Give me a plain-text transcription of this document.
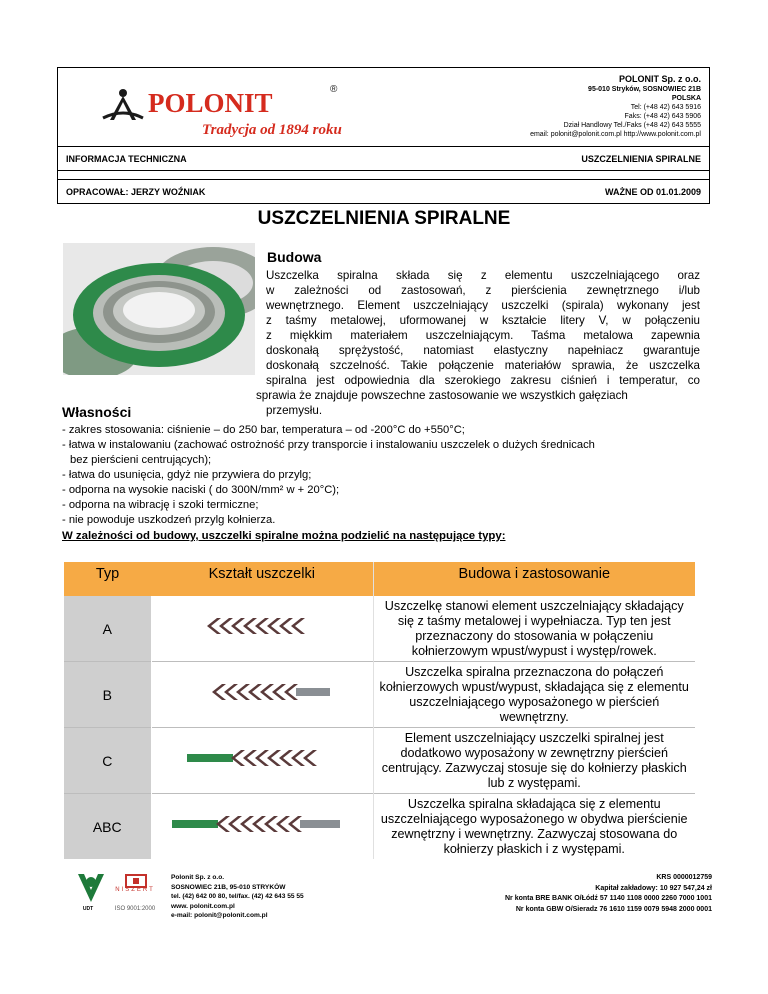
POLONIT	®
Tradycja od 1894 roku
POLONIT Sp. z o.o.
95-010 Stryków, SOSNOWIEC 21B
POLSKA
Tel: (+48 42) 643 5916
Faks: (+48 42) 643 5906
Dział Handlowy Tel./Faks (+48 42) 643 5555
email: polonit@polonit.com.pl http://www.polonit.com.pl
INFORMACJA TECHNICZNA	USZCZELNIENIA SPIRALNE
OPRACOWAŁ: JERZY WOŹNIAK	WAŻNE OD 01.01.2009
USZCZELNIENIA SPIRALNE
Budowa
Uszczelka spiralna składa się z elementu uszczelniającego oraz
w zależności od zastosowań, z pierścienia zewnętrznego i/lub
wewnętrznego. Element uszczelniający uszczelki (spirala) wykonany jest
z taśmy metalowej, uformowanej w kształcie litery V, w połączeniu
z miękkim materiałem uszczelniającym. Taśma metalowa zapewnia
doskonałą sprężystość, natomiast elastyczny napełniacz gwarantuje
doskonałą szczelność. Takie połączenie materiałów sprawia, że uszczelka
spiralna jest odpowiednia dla szerokiego zakresu ciśnień i temperatur, co
sprawia że znajduje powszechne zastosowanie we wszystkich gałęziach
przemysłu.
Własności
- zakres stosowania: ciśnienie – do 250 bar, temperatura – od -200°C do +550°C;
- łatwa w instalowaniu (zachować ostrożność przy transporcie i instalowaniu uszczelek o dużych średnicach
bez pierścieni centrujących);
- łatwa do usunięcia, gdyż nie przywiera do przylg;
- odporna na wysokie naciski ( do 300N/mm² w + 20°C);
- odporna na wibrację i szoki termiczne;
- nie powoduje uszkodzeń przylg kołnierza.
W zależności od budowy, uszczelki spiralne można podzielić na następujące typy:
Typ	Kształt uszczelki	Budowa i zastosowanie
A		Uszczelkę stanowi element uszczelniający składający się z taśmy metalowej i wypełniacza. Typ ten jest przeznaczony do stosowania w połączeniu kołnierzowym wpust/wypust i występ/rowek.
B		Uszczelka spiralna przeznaczona do połączeń kołnierzowych wpust/wypust, składająca się z elementu uszczelniającego wyposażonego w pierścień wewnętrzny.
C		Element uszczelniający uszczelki spiralnej jest dodatkowo wyposażony w zewnętrzny pierścień centrujący. Zazwyczaj stosuje się do kołnierzy płaskich lub z występami.
ABC		Uszczelka spiralna składająca się z elementu uszczelniającego wyposażonego w obydwa pierścienie zewnętrzny i wewnętrzny. Zazwyczaj stosowana do kołnierzy płaskich i z występami.
UDT
NISZERT
ISO 9001:2000
Polonit Sp. z o.o.
SOSNOWIEC 21B, 95-010 STRYKÓW
tel. (42) 642 00 80, tel/fax. (42) 42 643 55 55
www. polonit.com.pl
e-mail: polonit@polonit.com.pl
KRS 0000012759
Kapitał zakładowy: 10 927 547,24 zł
Nr konta BRE BANK O/Łódź 57 1140 1108 0000 2260 7000 1001
Nr konta GBW O/Sieradz 76 1610 1159 0079 5948 2000 0001
